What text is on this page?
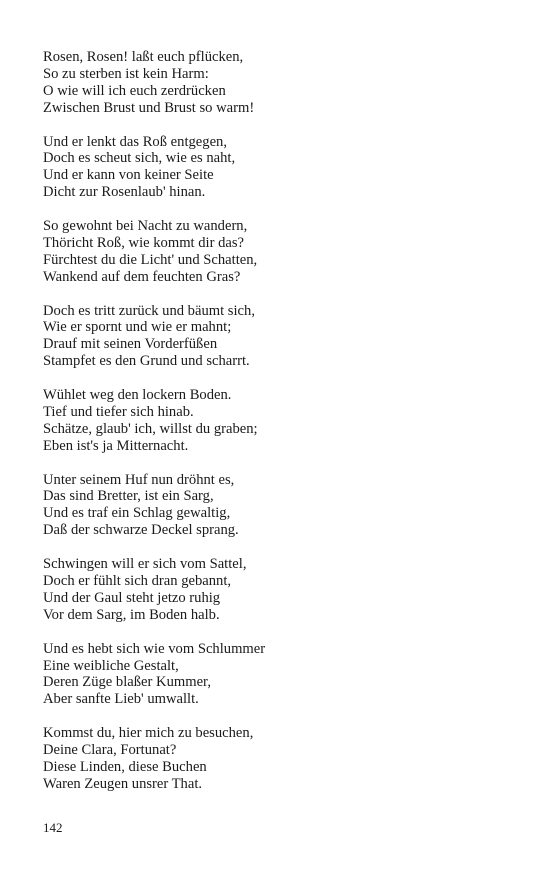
Rosen, Rosen! laßt euch pflücken,
So zu sterben ist kein Harm:
O wie will ich euch zerdrücken
Zwischen Brust und Brust so warm!
Und er lenkt das Roß entgegen,
Doch es scheut sich, wie es naht,
Und er kann von keiner Seite
Dicht zur Rosenlaub' hinan.
So gewohnt bei Nacht zu wandern,
Thöricht Roß, wie kommt dir das?
Fürchtest du die Licht' und Schatten,
Wankend auf dem feuchten Gras?
Doch es tritt zurück und bäumt sich,
Wie er spornt und wie er mahnt;
Drauf mit seinen Vorderfüßen
Stampfet es den Grund und scharrt.
Wühlet weg den lockern Boden.
Tief und tiefer sich hinab.
Schätze, glaub' ich, willst du graben;
Eben ist's ja Mitternacht.
Unter seinem Huf nun dröhnt es,
Das sind Bretter, ist ein Sarg,
Und es traf ein Schlag gewaltig,
Daß der schwarze Deckel sprang.
Schwingen will er sich vom Sattel,
Doch er fühlt sich dran gebannt,
Und der Gaul steht jetzo ruhig
Vor dem Sarg, im Boden halb.
Und es hebt sich wie vom Schlummer
Eine weibliche Gestalt,
Deren Züge blaßer Kummer,
Aber sanfte Lieb' umwallt.
Kommst du, hier mich zu besuchen,
Deine Clara, Fortunat?
Diese Linden, diese Buchen
Waren Zeugen unsrer That.
142
